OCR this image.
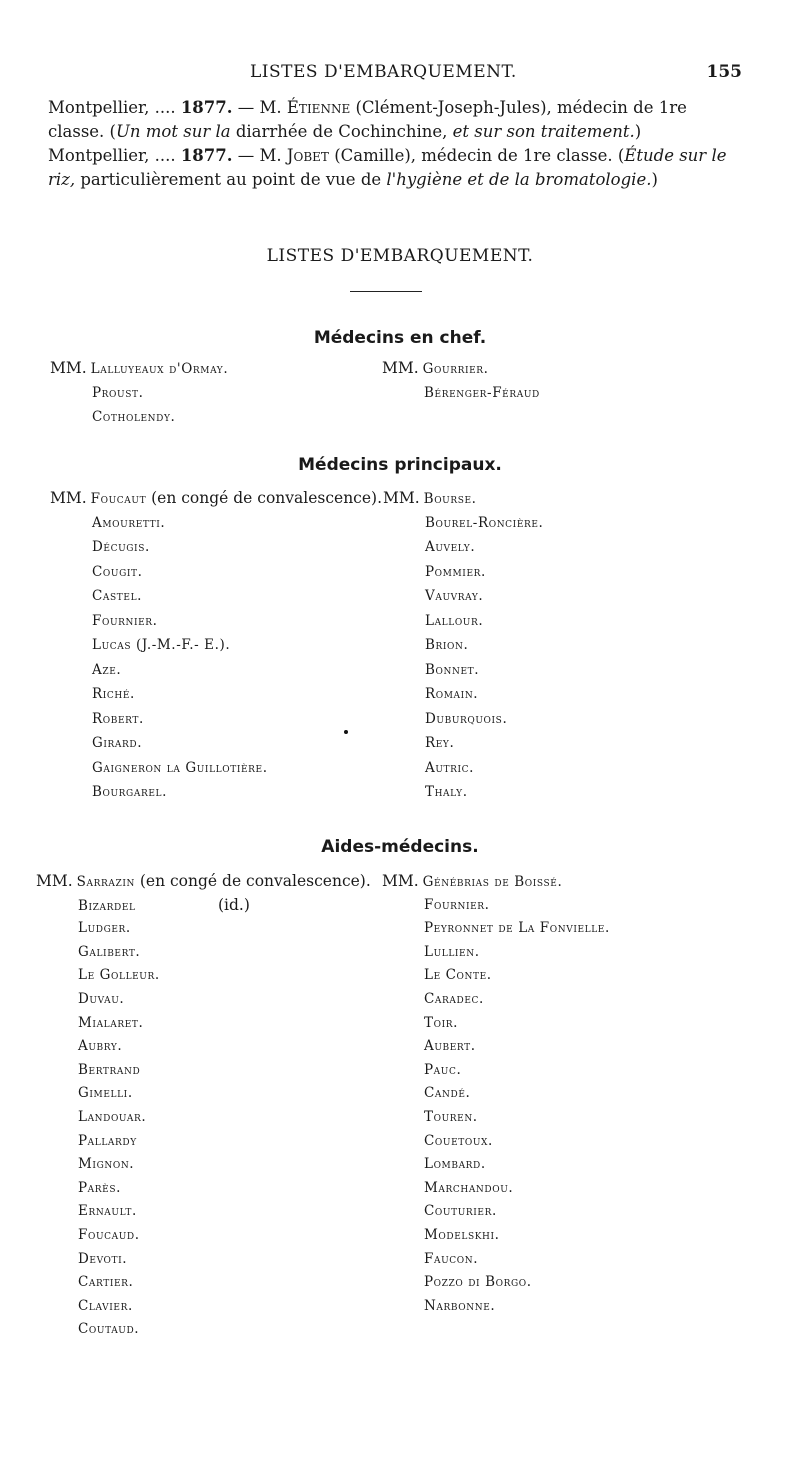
LISTES D'EMBARQUEMENT.	155

Montpellier, .... 1877. — M. Étienne (Clément-Joseph-Jules), médecin de 1re classe. (Un mot sur la diarrhée de Cochinchine, et sur son traitement.)

Montpellier, .... 1877. — M. Jobet (Camille), médecin de 1re classe. (Étude sur le riz, particulièrement au point de vue de l'hygiène et de la bromatologie.)

LISTES D'EMBARQUEMENT.
Médecins en chef.
MM. Lalluyeaux d'Ormay.
Proust.
Cotholendy.
MM. Gourrier.
Bérenger-Féraud
Médecins principaux.
MM. Foucaut (en congé de convalescence).
Amouretti.
Décugis.
Cougit.
Castel.
Fournier.
Lucas (J.-M.-F.- E.).
Aze.
Riché.
Robert.
Girard.
Gaigneron la Guillotière.
Bourgarel.
MM. Bourse.
Bourel-Roncière.
Auvely.
Pommier.
Vauvray.
Lallour.
Brion.
Bonnet.
Romain.
Duburquois.
Rey.
Autric.
Thaly.
Aides-médecins.
MM. Sarrazin (en congé de convalescence).
Bizardel	(id.)
Ludger.
Galibert.
Le Golleur.
Duvau.
Mialaret.
Aubry.
Bertrand
Gimelli.
Landouar.
Pallardy
Mignon.
Parès.
Ernault.
Foucaud.
Devoti.
Cartier.
Clavier.
Coutaud.
MM. Génébrias de Boissé.
Fournier.
Peyronnet de La Fonvielle.
Lullien.
Le Conte.
Caradec.
Toir.
Aubert.
Pauc.
Candé.
Touren.
Couetoux.
Lombard.
Marchandou.
Couturier.
Modelskhi.
Faucon.
Pozzo di Borgo.
Narbonne.
